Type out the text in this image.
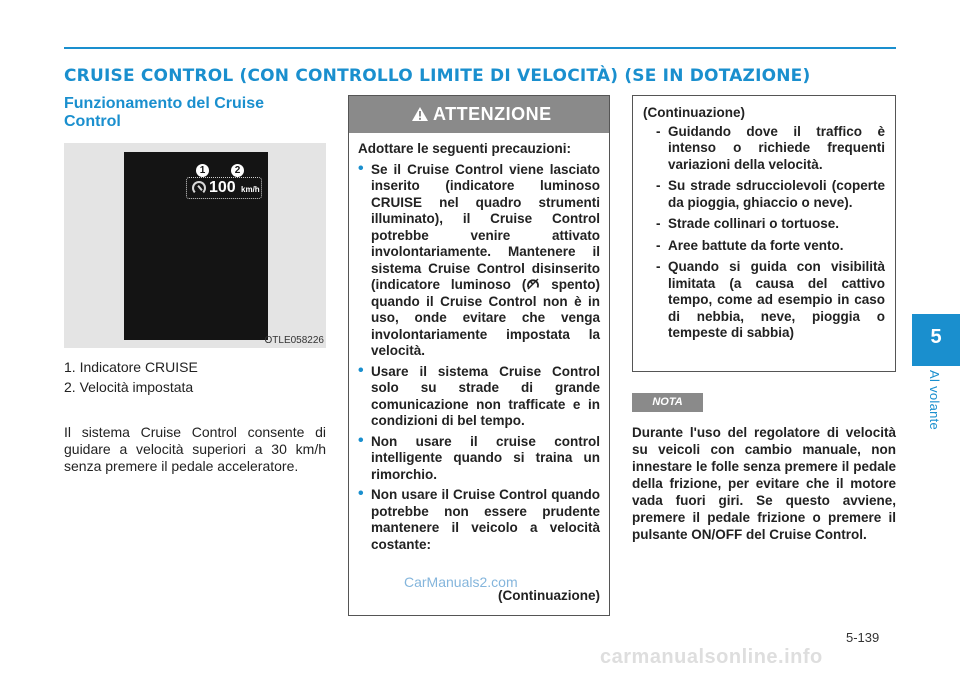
CRUISE CONTROL (CON CONTROLLO LIMITE DI VELOCITÀ) (SE IN DOTAZIONE)
Funzionamento del Cruise Control
1	2
100 km/h
OTLE058226
1. Indicatore CRUISE
2. Velocità impostata

Il sistema Cruise Control consente di guidare a velocità superiori a 30 km/h senza premere il pedale acceleratore.

ATTENZIONE

Adottare le seguenti precauzioni:

• Se il Cruise Control viene lasciato inserito (indicatore luminoso CRUISE nel quadro strumenti illuminato), il Cruise Control potrebbe venire attivato involontariamente. Mantenere il sistema Cruise Control disinserito (indicatore luminoso ( spento) quando il Cruise Control non è in uso, onde evitare che venga involontariamente impostata la velocità.
• Usare il sistema Cruise Control solo su strade di grande comunicazione non trafficate e in condizioni di bel tempo.
• Non usare il cruise control intelligente quando si traina un rimorchio.
• Non usare il Cruise Control quando potrebbe non essere prudente mantenere il veicolo a velocità costante:
(Continuazione)

(Continuazione)

- Guidando dove il traffico è intenso o richiede frequenti variazioni della velocità.
- Su strade sdrucciolevoli (coperte da pioggia, ghiaccio o neve).
- Strade collinari o tortuose.
- Aree battute da forte vento.
- Quando si guida con visibilità limitata (a causa del cattivo tempo, come ad esempio in caso di nebbia, neve, pioggia o tempeste di sabbia)
NOTA

Durante l'uso del regolatore di velocità su veicoli con cambio manuale, non innestare le folle senza premere il pedale della frizione, per evitare che il motore vada fuori giri. Se questo avviene, premere il pedale frizione o premere il pulsante ON/OFF del Cruise Control.

5
Al volante
5-139
CarManuals2.com
carmanualsonline.info
